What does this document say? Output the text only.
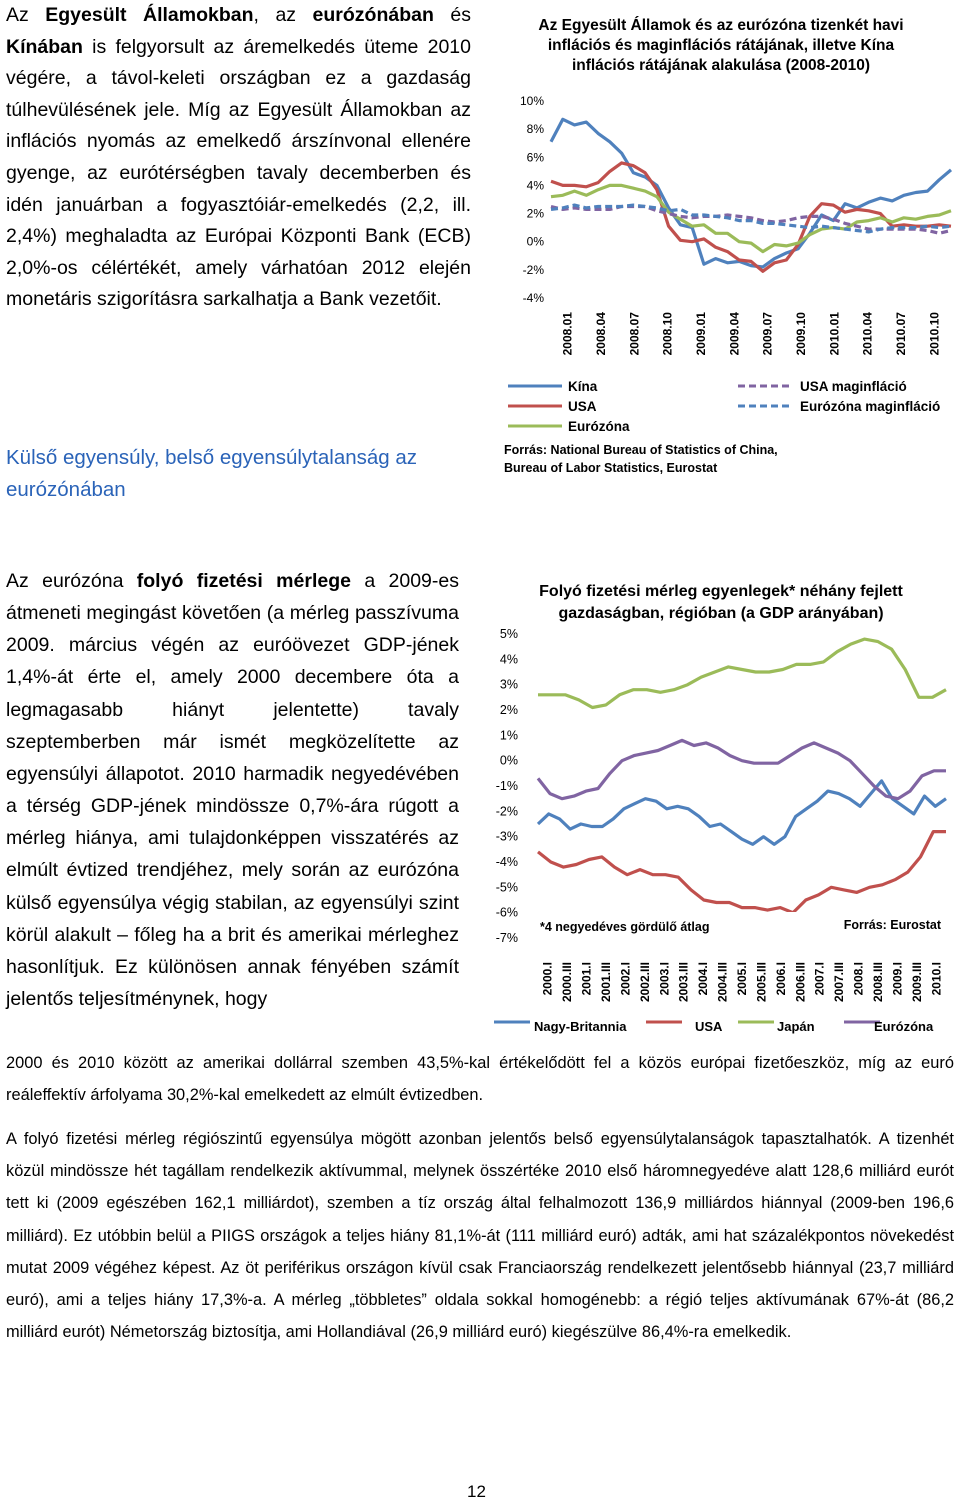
Az Egyesült Államokban, az eurózónában és Kínában is felgyorsult az áremelkedés üteme 2010 végére, a távol-keleti országban ez a gazdaság túlhevülésének jele. Míg az Egyesült Államokban az inflációs nyomás az emelkedő árszínvonal ellenére gyenge, az eurótérségben tavaly decemberben és idén januárban a fogyasztóiár-emelkedés (2,2, ill. 2,4%) meghaladta az Európai Központi Bank (ECB) 2,0%-os célértékét, amely várhatóan 2012 elején monetáris szigorításra sarkalhatja a Bank vezetőit.

Külső egyensúly, belső egyensúlytalanság az eurózónában

Az eurózóna folyó fizetési mérlege a 2009-es átmeneti megingást követően (a mérleg passzívuma 2009. március végén az euróövezet GDP-jének 1,4%-át érte el, amely 2000 decembere óta a legmagasabb hiányt jelentette) tavaly szeptemberben már ismét megközelítette az egyensúlyi állapotot. 2010 harmadik negyedévében a térség GDP-jének mindössze 0,7%-ára rúgott a mérleg hiánya, ami tulajdonképpen visszatérés az elmúlt évtized trendjéhez, mely során az eurózóna külső egyensúlya végig stabilan, az egyensúlyi szint körül alakult – főleg ha a brit és amerikai mérleghez hasonlítjuk. Ez különösen annak fényében számít jelentős teljesítménynek, hogy

2000 és 2010 között az amerikai dollárral szemben 43,5%-kal értékelődött fel a közös európai fizetőeszköz, míg az euró reáleffektív árfolyama 30,2%-kal emelkedett az elmúlt évtizedben.

A folyó fizetési mérleg régiószintű egyensúlya mögött azonban jelentős belső egyensúlytalanságok tapasztalhatók. A tizenhét közül mindössze hét tagállam rendelkezik aktívummal, melynek összértéke 2010 első háromnegyedéve alatt 128,6 milliárd eurót tett ki (2009 egészében 162,1 milliárdot), szemben a tíz ország által felhalmozott 136,9 milliárdos hiánnyal (2009-ben 196,6 milliárd). Ez utóbbin belül a PIIGS országok a teljes hiány 81,1%-át (111 milliárd euró) adták, ami hat százalékpontos növekedést mutat 2009 végéhez képest. Az öt periférikus országon kívül csak Franciaország rendelkezett jelentősebb hiánnyal (23,7 milliárd euró), ami a teljes hiány 17,3%-a. A mérleg „többletes” oldala sokkal homogénebb: a régió teljes aktívumának 67%-át (86,2 milliárd eurót) Németország biztosítja, ami Hollandiával (26,9 milliárd euró) kiegészülve 86,4%-ra emelkedik.

12
Az Egyesült Államok és az eurózóna tizenkét havi
inflációs és maginflációs rátájának, illetve Kína
inflációs rátájának alakulása (2008-2010)
10%
8%
6%
4%
2%
0%
-2%
-4%
2008.01 2008.04 2008.07 2008.10 2009.01 2009.04 2009.07 2009.10 2010.01 2010.04 2010.07 2010.10
Kína
USA
Eurózóna
USA maginfláció
Eurózóna maginfláció
Forrás: National Bureau of Statistics of China,
Bureau of Labor Statistics, Eurostat
Folyó fizetési mérleg egyenlegek* néhány fejlett
gazdaságban, régióban (a GDP arányában)
5%
4%
3%
2%
1%
0%
-1%
-2%
-3%
-4%
-5%
-6%
-7%
2000.I 2000.III 2001.I 2001.III 2002.I 2002.III 2003.I 2003.III 2004.I 2004.III 2005.I 2005.III 2006.I 2006.III 2007.I 2007.III 2008.I 2008.III 2009.I 2009.III 2010.I
*4 negyedéves gördülő átlag	Forrás: Eurostat
Nagy-Britannia	USA	Japán	Eurózóna
